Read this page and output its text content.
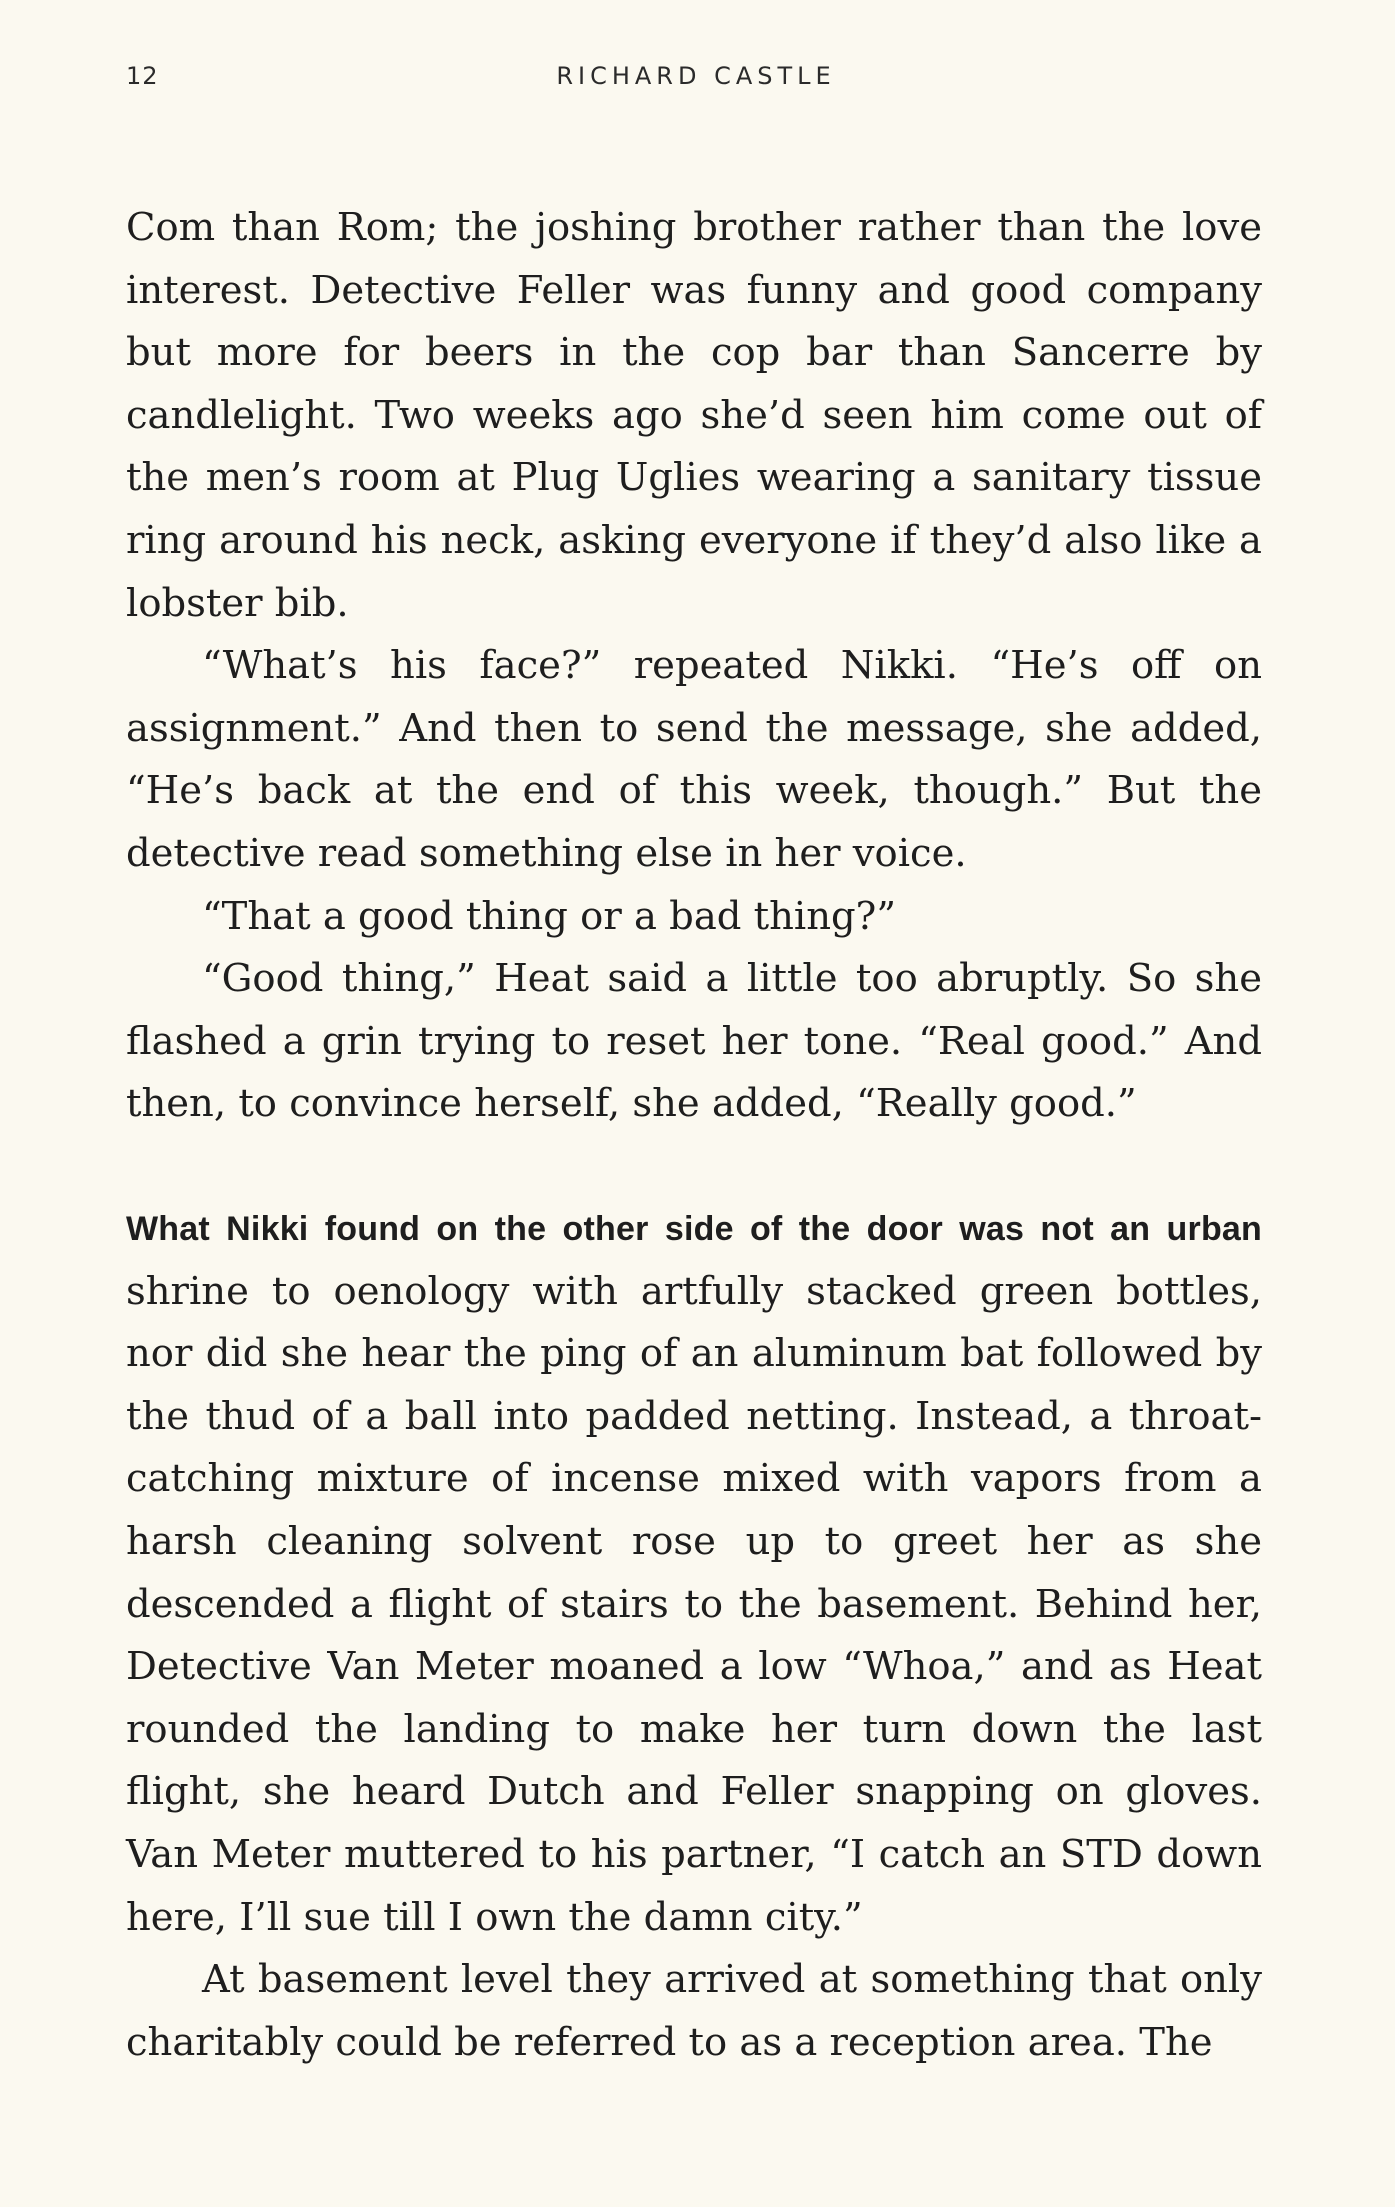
12	RICHARD CASTLE

Com than Rom; the joshing brother rather than the love interest. Detective Feller was funny and good company but more for beers in the cop bar than Sancerre by candlelight. Two weeks ago she’d seen him come out of the men’s room at Plug Uglies wearing a sanitary tissue ring around his neck, asking everyone if they’d also like a lobster bib.

“What’s his face?” repeated Nikki. “He’s off on assignment.” And then to send the message, she added, “He’s back at the end of this week, though.” But the detective read something else in her voice.

“That a good thing or a bad thing?”

“Good thing,” Heat said a little too abruptly. So she flashed a grin trying to reset her tone. “Real good.” And then, to convince herself, she added, “Really good.”

What Nikki found on the other side of the door was not an urban shrine to oenology with artfully stacked green bottles, nor did she hear the ping of an aluminum bat followed by the thud of a ball into padded netting. Instead, a throat-catching mixture of incense mixed with vapors from a harsh cleaning solvent rose up to greet her as she descended a flight of stairs to the basement. Behind her, Detective Van Meter moaned a low “Whoa,” and as Heat rounded the landing to make her turn down the last flight, she heard Dutch and Feller snapping on gloves. Van Meter muttered to his partner, “I catch an STD down here, I’ll sue till I own the damn city.”

At basement level they arrived at something that only charitably could be referred to as a reception area. The
